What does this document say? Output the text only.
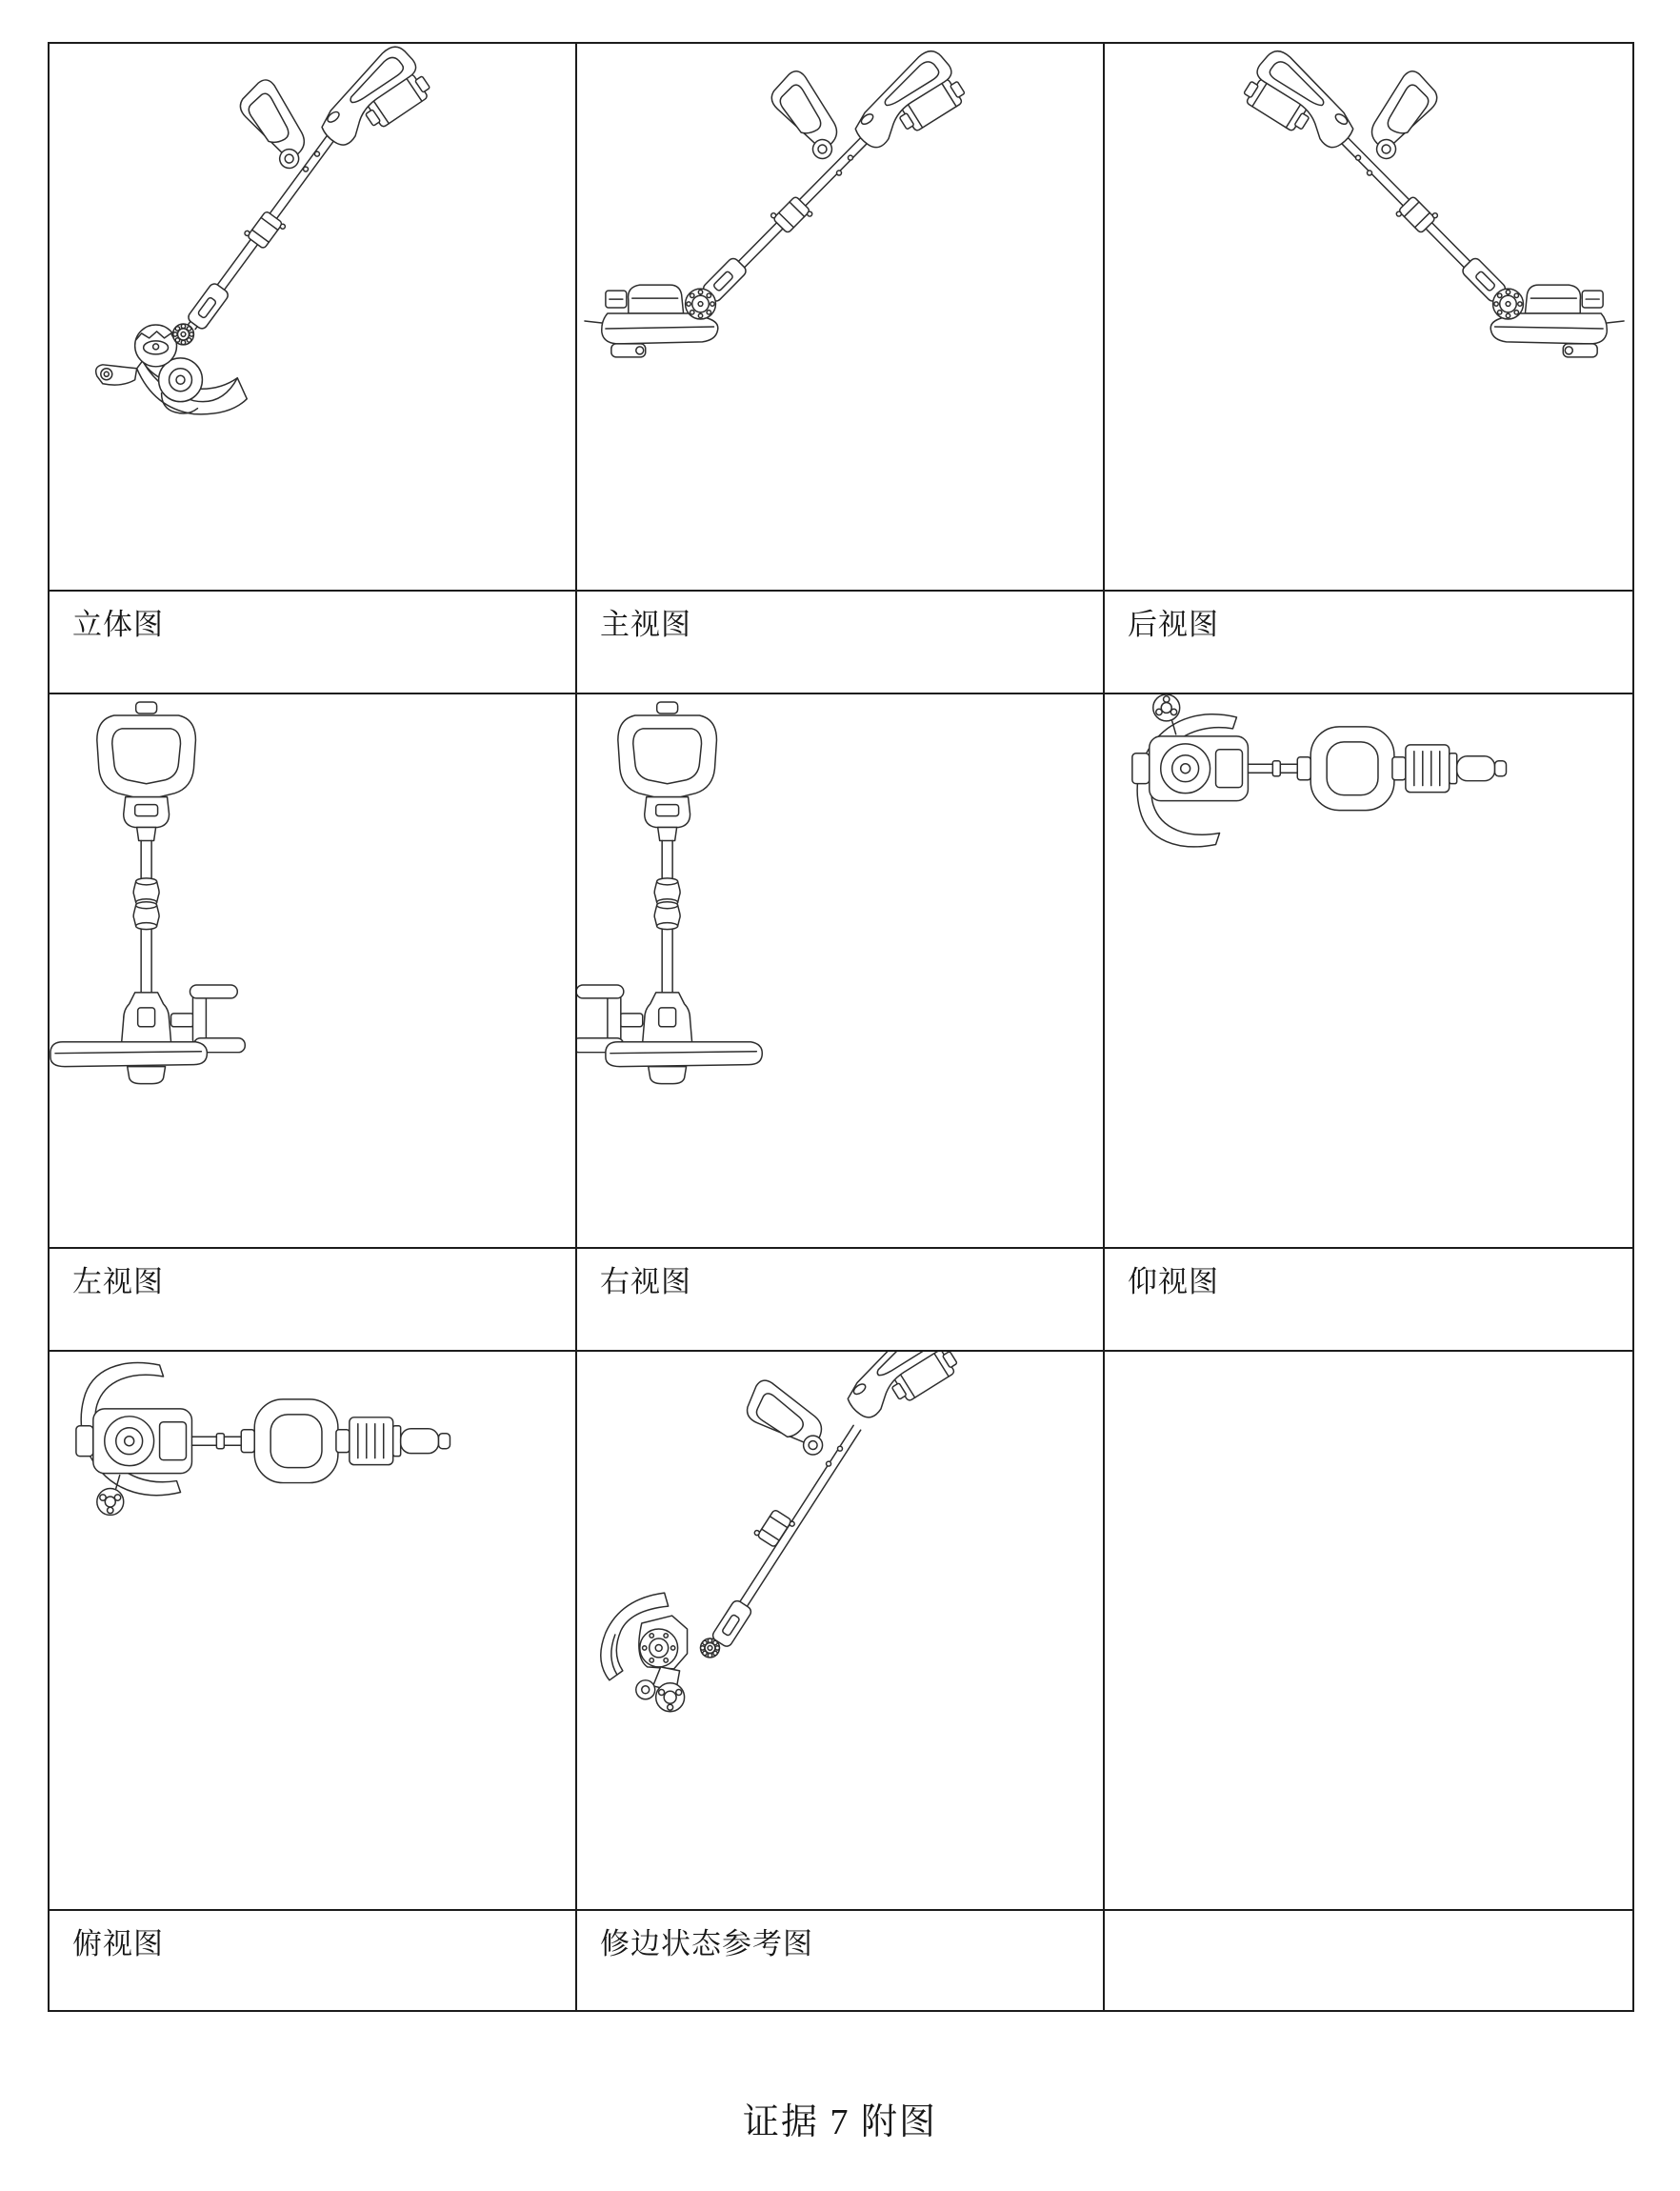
立体图	主视图	后视图
左视图	右视图	仰视图
俯视图	修边状态参考图
证据 7 附图
